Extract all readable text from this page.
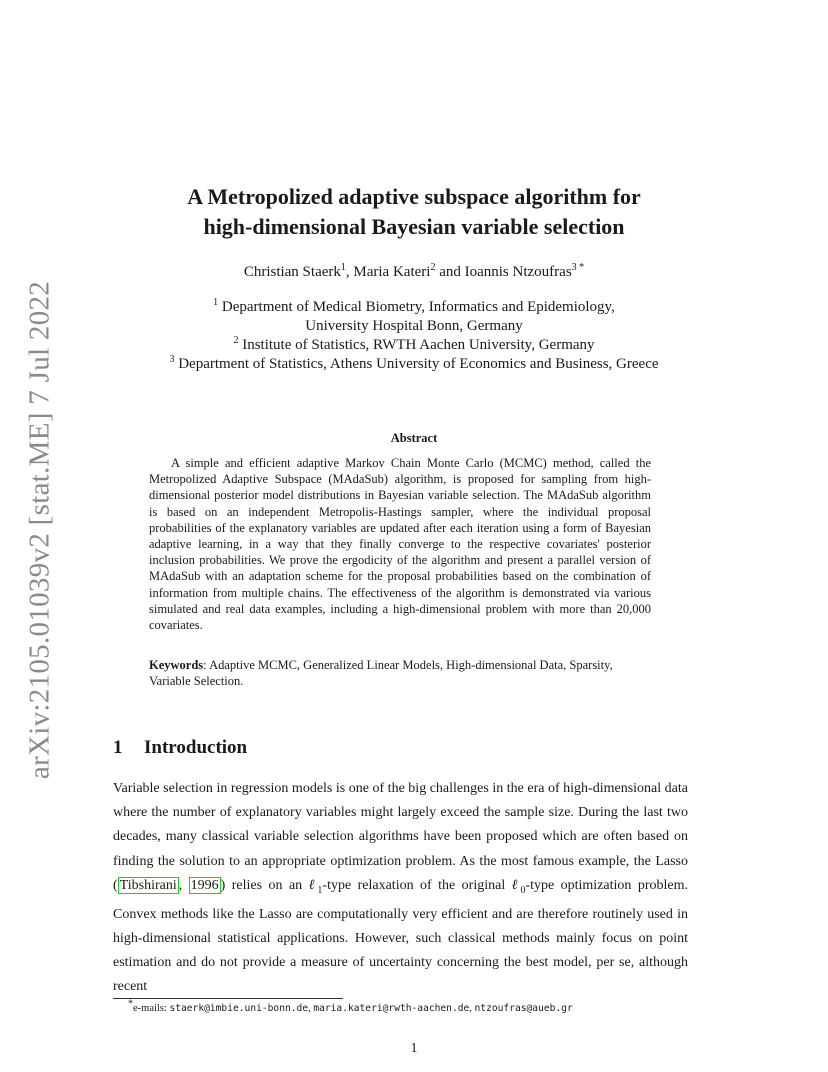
arXiv:2105.01039v2 [stat.ME] 7 Jul 2022
A Metropolized adaptive subspace algorithm for
high-dimensional Bayesian variable selection
Christian Staerk$^1$, Maria Kateri$^2$ and Ioannis Ntzoufras$^3$ *
$^1$ Department of Medical Biometry, Informatics and Epidemiology,
University Hospital Bonn, Germany
$^2$ Institute of Statistics, RWTH Aachen University, Germany
$^3$ Department of Statistics, Athens University of Economics and Business, Greece
Abstract
A simple and efficient adaptive Markov Chain Monte Carlo (MCMC) method, called the Metropolized Adaptive Subspace (MAdaSub) algorithm, is proposed for sampling from high-dimensional posterior model distributions in Bayesian variable selection. The MAdaSub algorithm is based on an independent Metropolis-Hastings sampler, where the individual proposal probabilities of the explanatory variables are updated after each iteration using a form of Bayesian adaptive learning, in a way that they finally converge to the respective covariates' posterior inclusion probabilities. We prove the ergodicity of the algorithm and present a parallel version of MAdaSub with an adaptation scheme for the proposal probabilities based on the combination of information from multiple chains. The effectiveness of the algorithm is demonstrated via various simulated and real data examples, including a high-dimensional problem with more than 20,000 covariates.
Keywords: Adaptive MCMC, Generalized Linear Models, High-dimensional Data, Sparsity, Variable Selection.
1 Introduction
Variable selection in regression models is one of the big challenges in the era of high-dimensional data where the number of explanatory variables might largely exceed the sample size. During the last two decades, many classical variable selection algorithms have been proposed which are often based on finding the solution to an appropriate optimization problem. As the most famous example, the Lasso ( Tibshirani , 1996 ) relies on an ℓ$_1$-type relaxation of the original ℓ$_0$-type optimization problem. Convex methods like the Lasso are computationally very efficient and are therefore routinely used in high-dimensional statistical applications. However, such classical methods mainly focus on point estimation and do not provide a measure of uncertainty concerning the best model, per se, although recent
*e-mails: staerk@imbie.uni-bonn.de, maria.kateri@rwth-aachen.de, ntzoufras@aueb.gr
1
